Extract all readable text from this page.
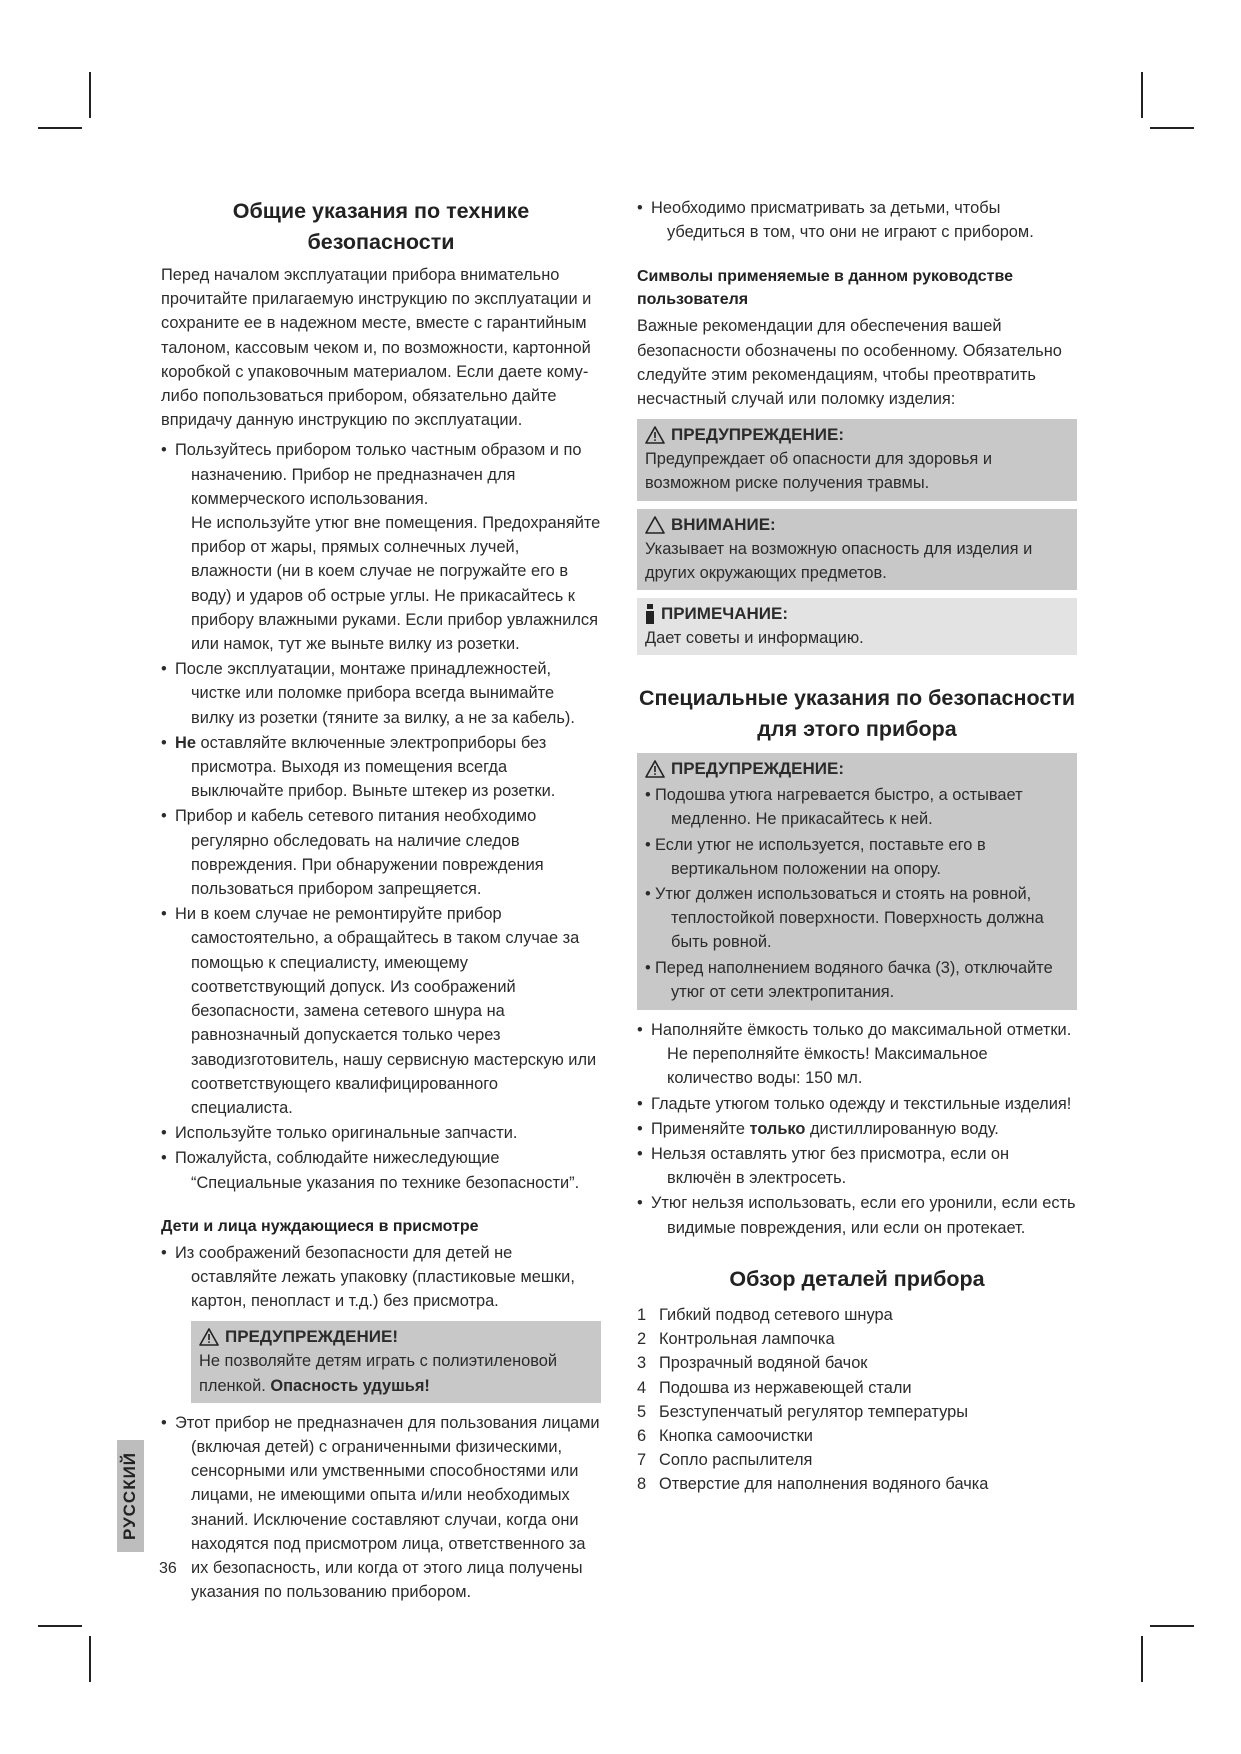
Общие указания по технике безопасности

Перед началом эксплуатации прибора внимательно прочитайте прилагаемую инструкцию по эксплуатации и сохраните ее в надежном месте, вместе с гарантийным талоном, кассовым чеком и, по возможности, картонной коробкой с упаковочным материалом. Если даете кому-либо попользоваться прибором, обязательно дайте впридачу данную инструкцию по эксплуатации.

• Пользуйтесь прибором только частным образом и по назначению. Прибор не предназначен для коммерческого использования.

Не используйте утюг вне помещения. Предохраняйте прибор от жары, прямых солнечных лучей, влажности (ни в коем случае не погружайте его в воду) и ударов об острые углы. Не прикасайтесь к прибору влажными руками. Если прибор увлажнился или намок, тут же выньте вилку из розетки.

• После эксплуатации, монтаже принадлежностей, чистке или поломке прибора всегда вынимайте вилку из розетки (тяните за вилку, а не за кабель).
• Не оставляйте включенные электроприборы без присмотра. Выходя из помещения всегда выключайте прибор. Выньте штекер из розетки.
• Прибор и кабель сетевого питания необходимо регулярно обследовать на наличие следов повреждения. При обнаружении повреждения пользоваться прибором запрещяется.
• Ни в коем случае не ремонтируйте прибор самостоятельно, а обращайтесь в таком случае за помощью к специалисту, имеющему соответствующий допуск. Из соображений безопасности, замена сетевого шнура на равнозначный допускается только через заводизготовитель, нашу сервисную мастерскую или соответствующего квалифицированного специалиста.
• Используйте только оригинальные запчасти.
• Пожалуйста, соблюдайте нижеследующие “Специальные указания по технике безопасности”.
Дети и лица нуждающиеся в присмотре
• Из соображений безопасности для детей не оставляйте лежать упаковку (пластиковые мешки, картон, пенопласт и т.д.) без присмотра.
ПРЕДУПРЕЖДЕНИЕ!

Не позволяйте детям играть с полиэтиленовой пленкой. Опасность удушья!

• Этот прибор не предназначен для пользования лицами (включая детей) с ограниченными физическими, сенсорными или умственными способностями или лицами, не имеющими опыта и/или необходимых знаний. Исключение составляют случаи, когда они находятся под присмотром лица, ответственного за их безопасность, или когда от этого лица получены указания по пользованию прибором.
• Необходимо присматривать за детьми, чтобы убедиться в том, что они не играют с прибором.
Символы применяемые в данном руководстве пользователя

Важные рекомендации для обеспечения вашей безопасности обозначены по особенному. Обязательно следуйте этим рекомендациям, чтобы преотвратить несчастный случай или поломку изделия:

ПРЕДУПРЕЖДЕНИЕ:

Предупреждает об опасности для здоровья и возможном риске получения травмы.

ВНИМАНИЕ:

Указывает на возможную опасность для изделия и других окружающих предметов.

ПРИМЕЧАНИЕ:

Дает советы и информацию.

Специальные указания по безопасности
для этого прибора
ПРЕДУПРЕЖДЕНИЕ:
• Подошва утюга нагревается быстро, а остывает медленно. Не прикасайтесь к ней.
• Если утюг не используется, поставьте его в вертикальном положении на опору.
• Утюг должен использоваться и стоять на ровной, теплостойкой поверхности. Поверхность должна быть ровной.
• Перед наполнением водяного бачка (3), отключайте утюг от сети электропитания.
• Наполняйте ёмкость только до максимальной отметки. Не переполняйте ёмкость! Максимальное количество воды: 150 мл.
• Гладьте утюгом только одежду и текстильные изделия!
• Применяйте только дистиллированную воду.
• Нельзя оставлять утюг без присмотра, если он включён в электросеть.
• Утюг нельзя использовать, если его уронили, если есть видимые повреждения, или если он протекает.
Обзор деталей прибора
1 Гибкий подвод сетевого шнура
2 Контрольная лампочка
3 Прозрачный водяной бачок
4 Подошва из нержавеющей стали
5 Безступенчатый регулятор температуры
6 Кнопка самоочистки
7 Сопло распылителя
8 Отверстие для наполнения водяного бачка
РУССКИЙ
36
